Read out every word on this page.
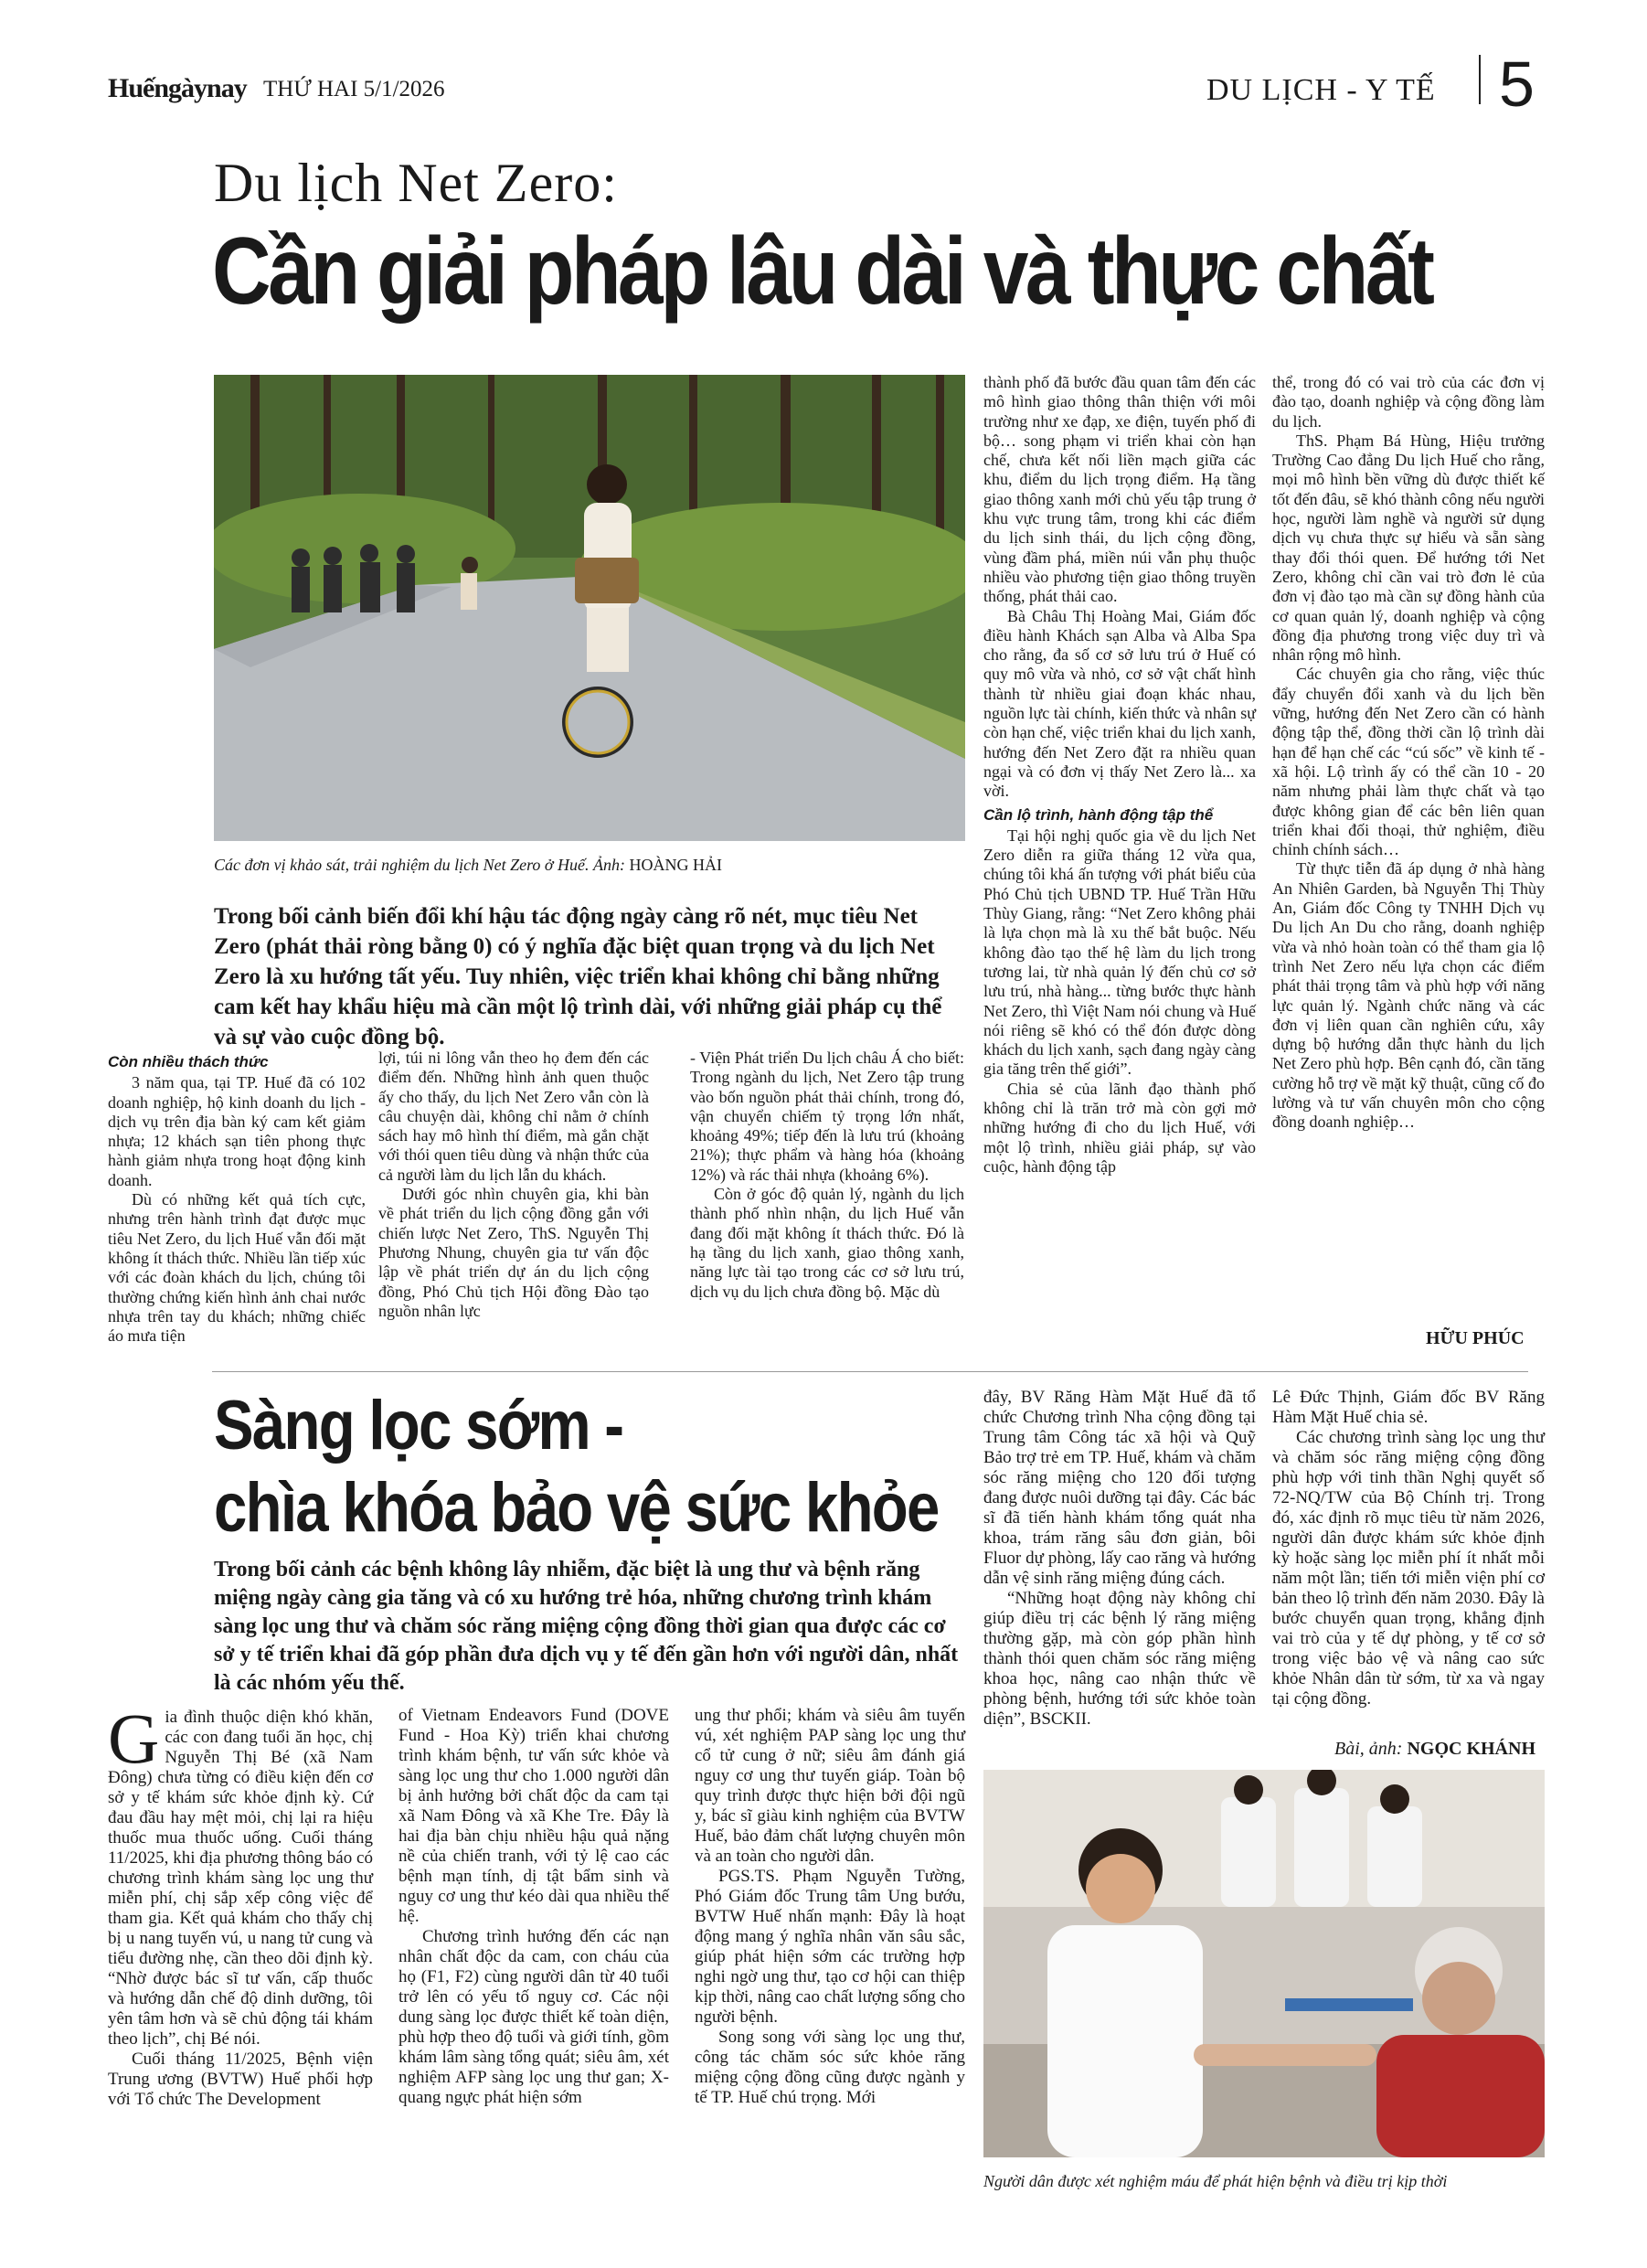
Huếngàynay THỨ HAI 5/1/2026	DU LỊCH - Y TẾ 5
Du lịch Net Zero:
Cần giải pháp lâu dài và thực chất
Các đơn vị khảo sát, trải nghiệm du lịch Net Zero ở Huế. Ảnh: HOÀNG HẢI
Trong bối cảnh biến đổi khí hậu tác động ngày càng rõ nét, mục tiêu Net Zero (phát thải ròng bằng 0) có ý nghĩa đặc biệt quan trọng và du lịch Net Zero là xu hướng tất yếu. Tuy nhiên, việc triển khai không chỉ bằng những cam kết hay khẩu hiệu mà cần một lộ trình dài, với những giải pháp cụ thể và sự vào cuộc đồng bộ.
Còn nhiều thách thức

3 năm qua, tại TP. Huế đã có 102 doanh nghiệp, hộ kinh doanh du lịch - dịch vụ trên địa bàn ký cam kết giảm nhựa; 12 khách sạn tiên phong thực hành giảm nhựa trong hoạt động kinh doanh.

Dù có những kết quả tích cực, nhưng trên hành trình đạt được mục tiêu Net Zero, du lịch Huế vẫn đối mặt không ít thách thức. Nhiều lần tiếp xúc với các đoàn khách du lịch, chúng tôi thường chứng kiến hình ảnh chai nước nhựa trên tay du khách; những chiếc áo mưa tiện

lợi, túi ni lông vẫn theo họ đem đến các điểm đến. Những hình ảnh quen thuộc ấy cho thấy, du lịch Net Zero vẫn còn là câu chuyện dài, không chỉ nằm ở chính sách hay mô hình thí điểm, mà gắn chặt với thói quen tiêu dùng và nhận thức của cả người làm du lịch lẫn du khách.

Dưới góc nhìn chuyên gia, khi bàn về phát triển du lịch cộng đồng gắn với chiến lược Net Zero, ThS. Nguyễn Thị Phương Nhung, chuyên gia tư vấn độc lập về phát triển dự án du lịch cộng đồng, Phó Chủ tịch Hội đồng Đào tạo nguồn nhân lực

- Viện Phát triển Du lịch châu Á cho biết: Trong ngành du lịch, Net Zero tập trung vào bốn nguồn phát thải chính, trong đó, vận chuyển chiếm tỷ trọng lớn nhất, khoảng 49%; tiếp đến là lưu trú (khoảng 21%); thực phẩm và hàng hóa (khoảng 12%) và rác thải nhựa (khoảng 6%).

Còn ở góc độ quản lý, ngành du lịch thành phố nhìn nhận, du lịch Huế vẫn đang đối mặt không ít thách thức. Đó là hạ tầng du lịch xanh, giao thông xanh, năng lực tài tạo trong các cơ sở lưu trú, dịch vụ du lịch chưa đồng bộ. Mặc dù

thành phố đã bước đầu quan tâm đến các mô hình giao thông thân thiện với môi trường như xe đạp, xe điện, tuyến phố đi bộ… song phạm vi triển khai còn hạn chế, chưa kết nối liền mạch giữa các khu, điểm du lịch trọng điểm. Hạ tầng giao thông xanh mới chủ yếu tập trung ở khu vực trung tâm, trong khi các điểm du lịch sinh thái, du lịch cộng đồng, vùng đầm phá, miền núi vẫn phụ thuộc nhiều vào phương tiện giao thông truyền thống, phát thải cao.

Bà Châu Thị Hoàng Mai, Giám đốc điều hành Khách sạn Alba và Alba Spa cho rằng, đa số cơ sở lưu trú ở Huế có quy mô vừa và nhỏ, cơ sở vật chất hình thành từ nhiều giai đoạn khác nhau, nguồn lực tài chính, kiến thức và nhân sự còn hạn chế, việc triển khai du lịch xanh, hướng đến Net Zero đặt ra nhiều quan ngại và có đơn vị thấy Net Zero là... xa vời.

Cần lộ trình, hành động tập thể

Tại hội nghị quốc gia về du lịch Net Zero diễn ra giữa tháng 12 vừa qua, chúng tôi khá ấn tượng với phát biểu của Phó Chủ tịch UBND TP. Huế Trần Hữu Thùy Giang, rằng: “Net Zero không phải là lựa chọn mà là xu thế bắt buộc. Nếu không đào tạo thế hệ làm du lịch trong tương lai, từ nhà quản lý đến chủ cơ sở lưu trú, nhà hàng... từng bước thực hành Net Zero, thì Việt Nam nói chung và Huế nói riêng sẽ khó có thể đón được dòng khách du lịch xanh, sạch đang ngày càng gia tăng trên thế giới”.

Chia sẻ của lãnh đạo thành phố không chỉ là trăn trở mà còn gợi mở những hướng đi cho du lịch Huế, với một lộ trình, nhiều giải pháp, sự vào cuộc, hành động tập

thể, trong đó có vai trò của các đơn vị đào tạo, doanh nghiệp và cộng đồng làm du lịch.

ThS. Phạm Bá Hùng, Hiệu trưởng Trường Cao đẳng Du lịch Huế cho rằng, mọi mô hình bền vững dù được thiết kế tốt đến đâu, sẽ khó thành công nếu người học, người làm nghề và người sử dụng dịch vụ chưa thực sự hiểu và sẵn sàng thay đổi thói quen. Để hướng tới Net Zero, không chỉ cần vai trò đơn lẻ của đơn vị đào tạo mà cần sự đồng hành của cơ quan quản lý, doanh nghiệp và cộng đồng địa phương trong việc duy trì và nhân rộng mô hình.

Các chuyên gia cho rằng, việc thúc đẩy chuyển đổi xanh và du lịch bền vững, hướng đến Net Zero cần có hành động tập thể, đồng thời cần lộ trình dài hạn để hạn chế các “cú sốc” về kinh tế - xã hội. Lộ trình ấy có thể cần 10 - 20 năm nhưng phải làm thực chất và tạo được không gian để các bên liên quan triển khai đối thoại, thử nghiệm, điều chỉnh chính sách…

Từ thực tiễn đã áp dụng ở nhà hàng An Nhiên Garden, bà Nguyễn Thị Thùy An, Giám đốc Công ty TNHH Dịch vụ Du lịch An Du cho rằng, doanh nghiệp vừa và nhỏ hoàn toàn có thể tham gia lộ trình Net Zero nếu lựa chọn các điểm phát thải trọng tâm và phù hợp với năng lực quản lý. Ngành chức năng và các đơn vị liên quan cần nghiên cứu, xây dựng bộ hướng dẫn thực hành du lịch Net Zero phù hợp. Bên cạnh đó, cần tăng cường hỗ trợ về mặt kỹ thuật, cũng cố đo lường và tư vấn chuyên môn cho cộng đồng doanh nghiệp…

HỮU PHÚC
Sàng lọc sớm -
chìa khóa bảo vệ sức khỏe
Trong bối cảnh các bệnh không lây nhiễm, đặc biệt là ung thư và bệnh răng miệng ngày càng gia tăng và có xu hướng trẻ hóa, những chương trình khám sàng lọc ung thư và chăm sóc răng miệng cộng đồng thời gian qua được các cơ sở y tế triển khai đã góp phần đưa dịch vụ y tế đến gần hơn với người dân, nhất là các nhóm yếu thế.
G ia đình thuộc diện khó khăn, các con đang tuổi ăn học, chị Nguyễn Thị Bé (xã Nam Đông) chưa từng có điều kiện đến cơ sở y tế khám sức khỏe định kỳ. Cứ đau đầu hay mệt mỏi, chị lại ra hiệu thuốc mua thuốc uống. Cuối tháng 11/2025, khi địa phương thông báo có chương trình khám sàng lọc ung thư miễn phí, chị sắp xếp công việc để tham gia. Kết quả khám cho thấy chị bị u nang tuyến vú, u nang tử cung và tiểu đường nhẹ, cần theo dõi định kỳ. “Nhờ được bác sĩ tư vấn, cấp thuốc và hướng dẫn chế độ dinh dưỡng, tôi yên tâm hơn và sẽ chủ động tái khám theo lịch”, chị Bé nói.

Cuối tháng 11/2025, Bệnh viện Trung ương (BVTW) Huế phối hợp với Tổ chức The Development

of Vietnam Endeavors Fund (DOVE Fund - Hoa Kỳ) triển khai chương trình khám bệnh, tư vấn sức khỏe và sàng lọc ung thư cho 1.000 người dân bị ảnh hưởng bởi chất độc da cam tại xã Nam Đông và xã Khe Tre. Đây là hai địa bàn chịu nhiều hậu quả nặng nề của chiến tranh, với tỷ lệ cao các bệnh mạn tính, dị tật bẩm sinh và nguy cơ ung thư kéo dài qua nhiều thế hệ.

Chương trình hướng đến các nạn nhân chất độc da cam, con cháu của họ (F1, F2) cùng người dân từ 40 tuổi trở lên có yếu tố nguy cơ. Các nội dung sàng lọc được thiết kế toàn diện, phù hợp theo độ tuổi và giới tính, gồm khám lâm sàng tổng quát; siêu âm, xét nghiệm AFP sàng lọc ung thư gan; X-quang ngực phát hiện sớm

ung thư phổi; khám và siêu âm tuyến vú, xét nghiệm PAP sàng lọc ung thư cổ tử cung ở nữ; siêu âm đánh giá nguy cơ ung thư tuyến giáp. Toàn bộ quy trình được thực hiện bởi đội ngũ y, bác sĩ giàu kinh nghiệm của BVTW Huế, bảo đảm chất lượng chuyên môn và an toàn cho người dân.

PGS.TS. Phạm Nguyễn Tường, Phó Giám đốc Trung tâm Ung bướu, BVTW Huế nhấn mạnh: Đây là hoạt động mang ý nghĩa nhân văn sâu sắc, giúp phát hiện sớm các trường hợp nghi ngờ ung thư, tạo cơ hội can thiệp kịp thời, nâng cao chất lượng sống cho người bệnh.

Song song với sàng lọc ung thư, công tác chăm sóc sức khỏe răng miệng cộng đồng cũng được ngành y tế TP. Huế chú trọng. Mới

đây, BV Răng Hàm Mặt Huế đã tổ chức Chương trình Nha cộng đồng tại Trung tâm Công tác xã hội và Quỹ Bảo trợ trẻ em TP. Huế, khám và chăm sóc răng miệng cho 120 đối tượng đang được nuôi dưỡng tại đây. Các bác sĩ đã tiến hành khám tổng quát nha khoa, trám răng sâu đơn giản, bôi Fluor dự phòng, lấy cao răng và hướng dẫn vệ sinh răng miệng đúng cách.

“Những hoạt động này không chỉ giúp điều trị các bệnh lý răng miệng thường gặp, mà còn góp phần hình thành thói quen chăm sóc răng miệng khoa học, nâng cao nhận thức về phòng bệnh, hướng tới sức khỏe toàn diện”, BSCKII.

Lê Đức Thịnh, Giám đốc BV Răng Hàm Mặt Huế chia sẻ.

Các chương trình sàng lọc ung thư và chăm sóc răng miệng cộng đồng phù hợp với tinh thần Nghị quyết số 72-NQ/TW của Bộ Chính trị. Trong đó, xác định rõ mục tiêu từ năm 2026, người dân được khám sức khỏe định kỳ hoặc sàng lọc miễn phí ít nhất mỗi năm một lần; tiến tới miễn viện phí cơ bản theo lộ trình đến năm 2030. Đây là bước chuyển quan trọng, khẳng định vai trò của y tế dự phòng, y tế cơ sở trong việc bảo vệ và nâng cao sức khỏe Nhân dân từ sớm, từ xa và ngay tại cộng đồng.

Bài, ảnh: NGỌC KHÁNH
Người dân được xét nghiệm máu để phát hiện bệnh và điều trị kịp thời
